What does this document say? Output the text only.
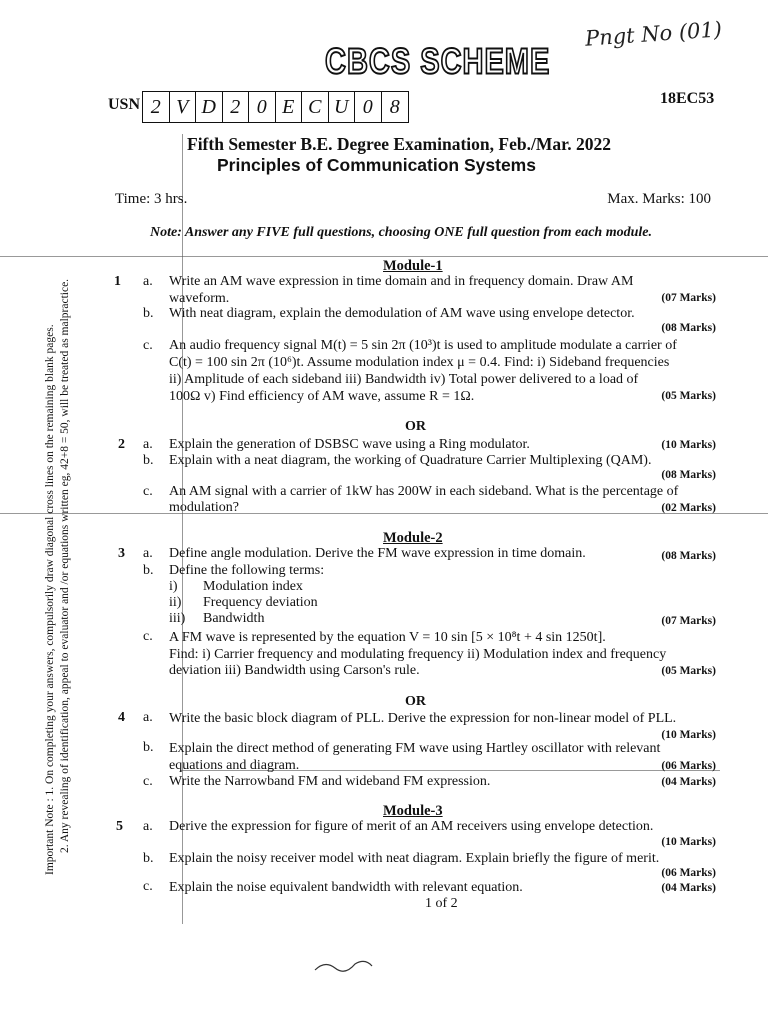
Pngt No (01)
CBCS SCHEME
18EC53
USN 2 V D 2 0 E C U 0 8
Fifth Semester B.E. Degree Examination, Feb./Mar. 2022
Principles of Communication Systems
Time: 3 hrs.	Max. Marks: 100
Note: Answer any FIVE full questions, choosing ONE full question from each module.
Important Note : 1. On completing your answers, compulsorily draw diagonal cross lines on the remaining blank pages. 2. Any revealing of identification, appeal to evaluator and /or equations written eg, 42+8 = 50, will be treated as malpractice.
Module-1
1 a. Write an AM wave expression in time domain and in frequency domain. Draw AM
waveform.	(07 Marks)
b. With neat diagram, explain the demodulation of AM wave using envelope detector.
(08 Marks)
c. An audio frequency signal M(t) = 5 sin 2π (10³)t is used to amplitude modulate a carrier of
C(t) = 100 sin 2π (10⁶)t. Assume modulation index μ = 0.4. Find: i) Sideband frequencies
ii) Amplitude of each sideband iii) Bandwidth iv) Total power delivered to a load of
100Ω v) Find efficiency of AM wave, assume R = 1Ω.	(05 Marks)
OR
2 a. Explain the generation of DSBSC wave using a Ring modulator.	(10 Marks)
b. Explain with a neat diagram, the working of Quadrature Carrier Multiplexing (QAM).
(08 Marks)
c. An AM signal with a carrier of 1kW has 200W in each sideband. What is the percentage of
modulation?	(02 Marks)
Module-2
3 a. Define angle modulation. Derive the FM wave expression in time domain.	(08 Marks)
b. Define the following terms:
i) Modulation index
ii) Frequency deviation
iii) Bandwidth	(07 Marks)
c. A FM wave is represented by the equation V = 10 sin [5 × 10⁸t + 4 sin 1250t].
Find: i) Carrier frequency and modulating frequency ii) Modulation index and frequency
deviation iii) Bandwidth using Carson's rule.	(05 Marks)
OR
4 a. Write the basic block diagram of PLL. Derive the expression for non-linear model of PLL.
(10 Marks)
b. Explain the direct method of generating FM wave using Hartley oscillator with relevant
equations and diagram.	(06 Marks)
c. Write the Narrowband FM and wideband FM expression.	(04 Marks)
Module-3
5 a. Derive the expression for figure of merit of an AM receivers using envelope detection.
(10 Marks)
b. Explain the noisy receiver model with neat diagram. Explain briefly the figure of merit.
(06 Marks)
c. Explain the noise equivalent bandwidth with relevant equation.	(04 Marks)
1 of 2
